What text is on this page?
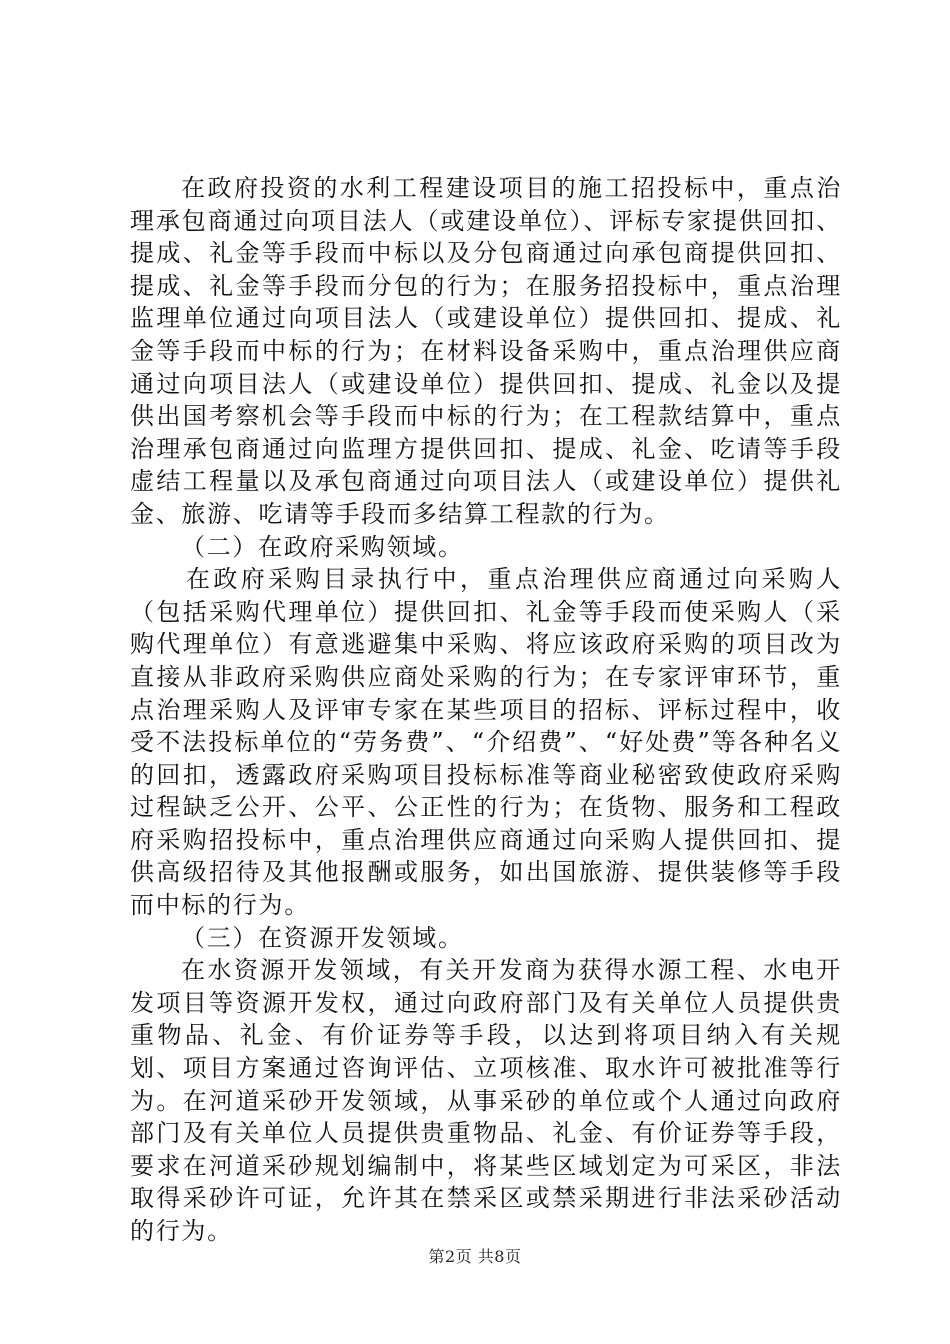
在政府投资的水利工程建设项目的施工招投标中，重点治理承包商通过向项目法人（或建设单位）、评标专家提供回扣、提成、礼金等手段而中标以及分包商通过向承包商提供回扣、提成、礼金等手段而分包的行为；在服务招投标中，重点治理监理单位通过向项目法人（或建设单位）提供回扣、提成、礼金等手段而中标的行为；在材料设备采购中，重点治理供应商通过向项目法人（或建设单位）提供回扣、提成、礼金以及提供出国考察机会等手段而中标的行为；在工程款结算中，重点治理承包商通过向监理方提供回扣、提成、礼金、吃请等手段虚结工程量以及承包商通过向项目法人（或建设单位）提供礼金、旅游、吃请等手段而多结算工程款的行为。

（二）在政府采购领域。

在政府采购目录执行中，重点治理供应商通过向采购人（包括采购代理单位）提供回扣、礼金等手段而使采购人（采购代理单位）有意逃避集中采购、将应该政府采购的项目改为直接从非政府采购供应商处采购的行为；在专家评审环节，重点治理采购人及评审专家在某些项目的招标、评标过程中，收受不法投标单位的“劳务费”、“介绍费”、“好处费”等各种名义的回扣，透露政府采购项目投标标准等商业秘密致使政府采购过程缺乏公开、公平、公正性的行为；在货物、服务和工程政府采购招投标中，重点治理供应商通过向采购人提供回扣、提供高级招待及其他报酬或服务，如出国旅游、提供装修等手段而中标的行为。

（三）在资源开发领域。

在水资源开发领域，有关开发商为获得水源工程、水电开发项目等资源开发权，通过向政府部门及有关单位人员提供贵重物品、礼金、有价证券等手段，以达到将项目纳入有关规划、项目方案通过咨询评估、立项核准、取水许可被批准等行为。在河道采砂开发领域，从事采砂的单位或个人通过向政府部门及有关单位人员提供贵重物品、礼金、有价证券等手段，要求在河道采砂规划编制中，将某些区域划定为可采区，非法取得采砂许可证，允许其在禁采区或禁采期进行非法采砂活动的行为。

第2页 共8页
